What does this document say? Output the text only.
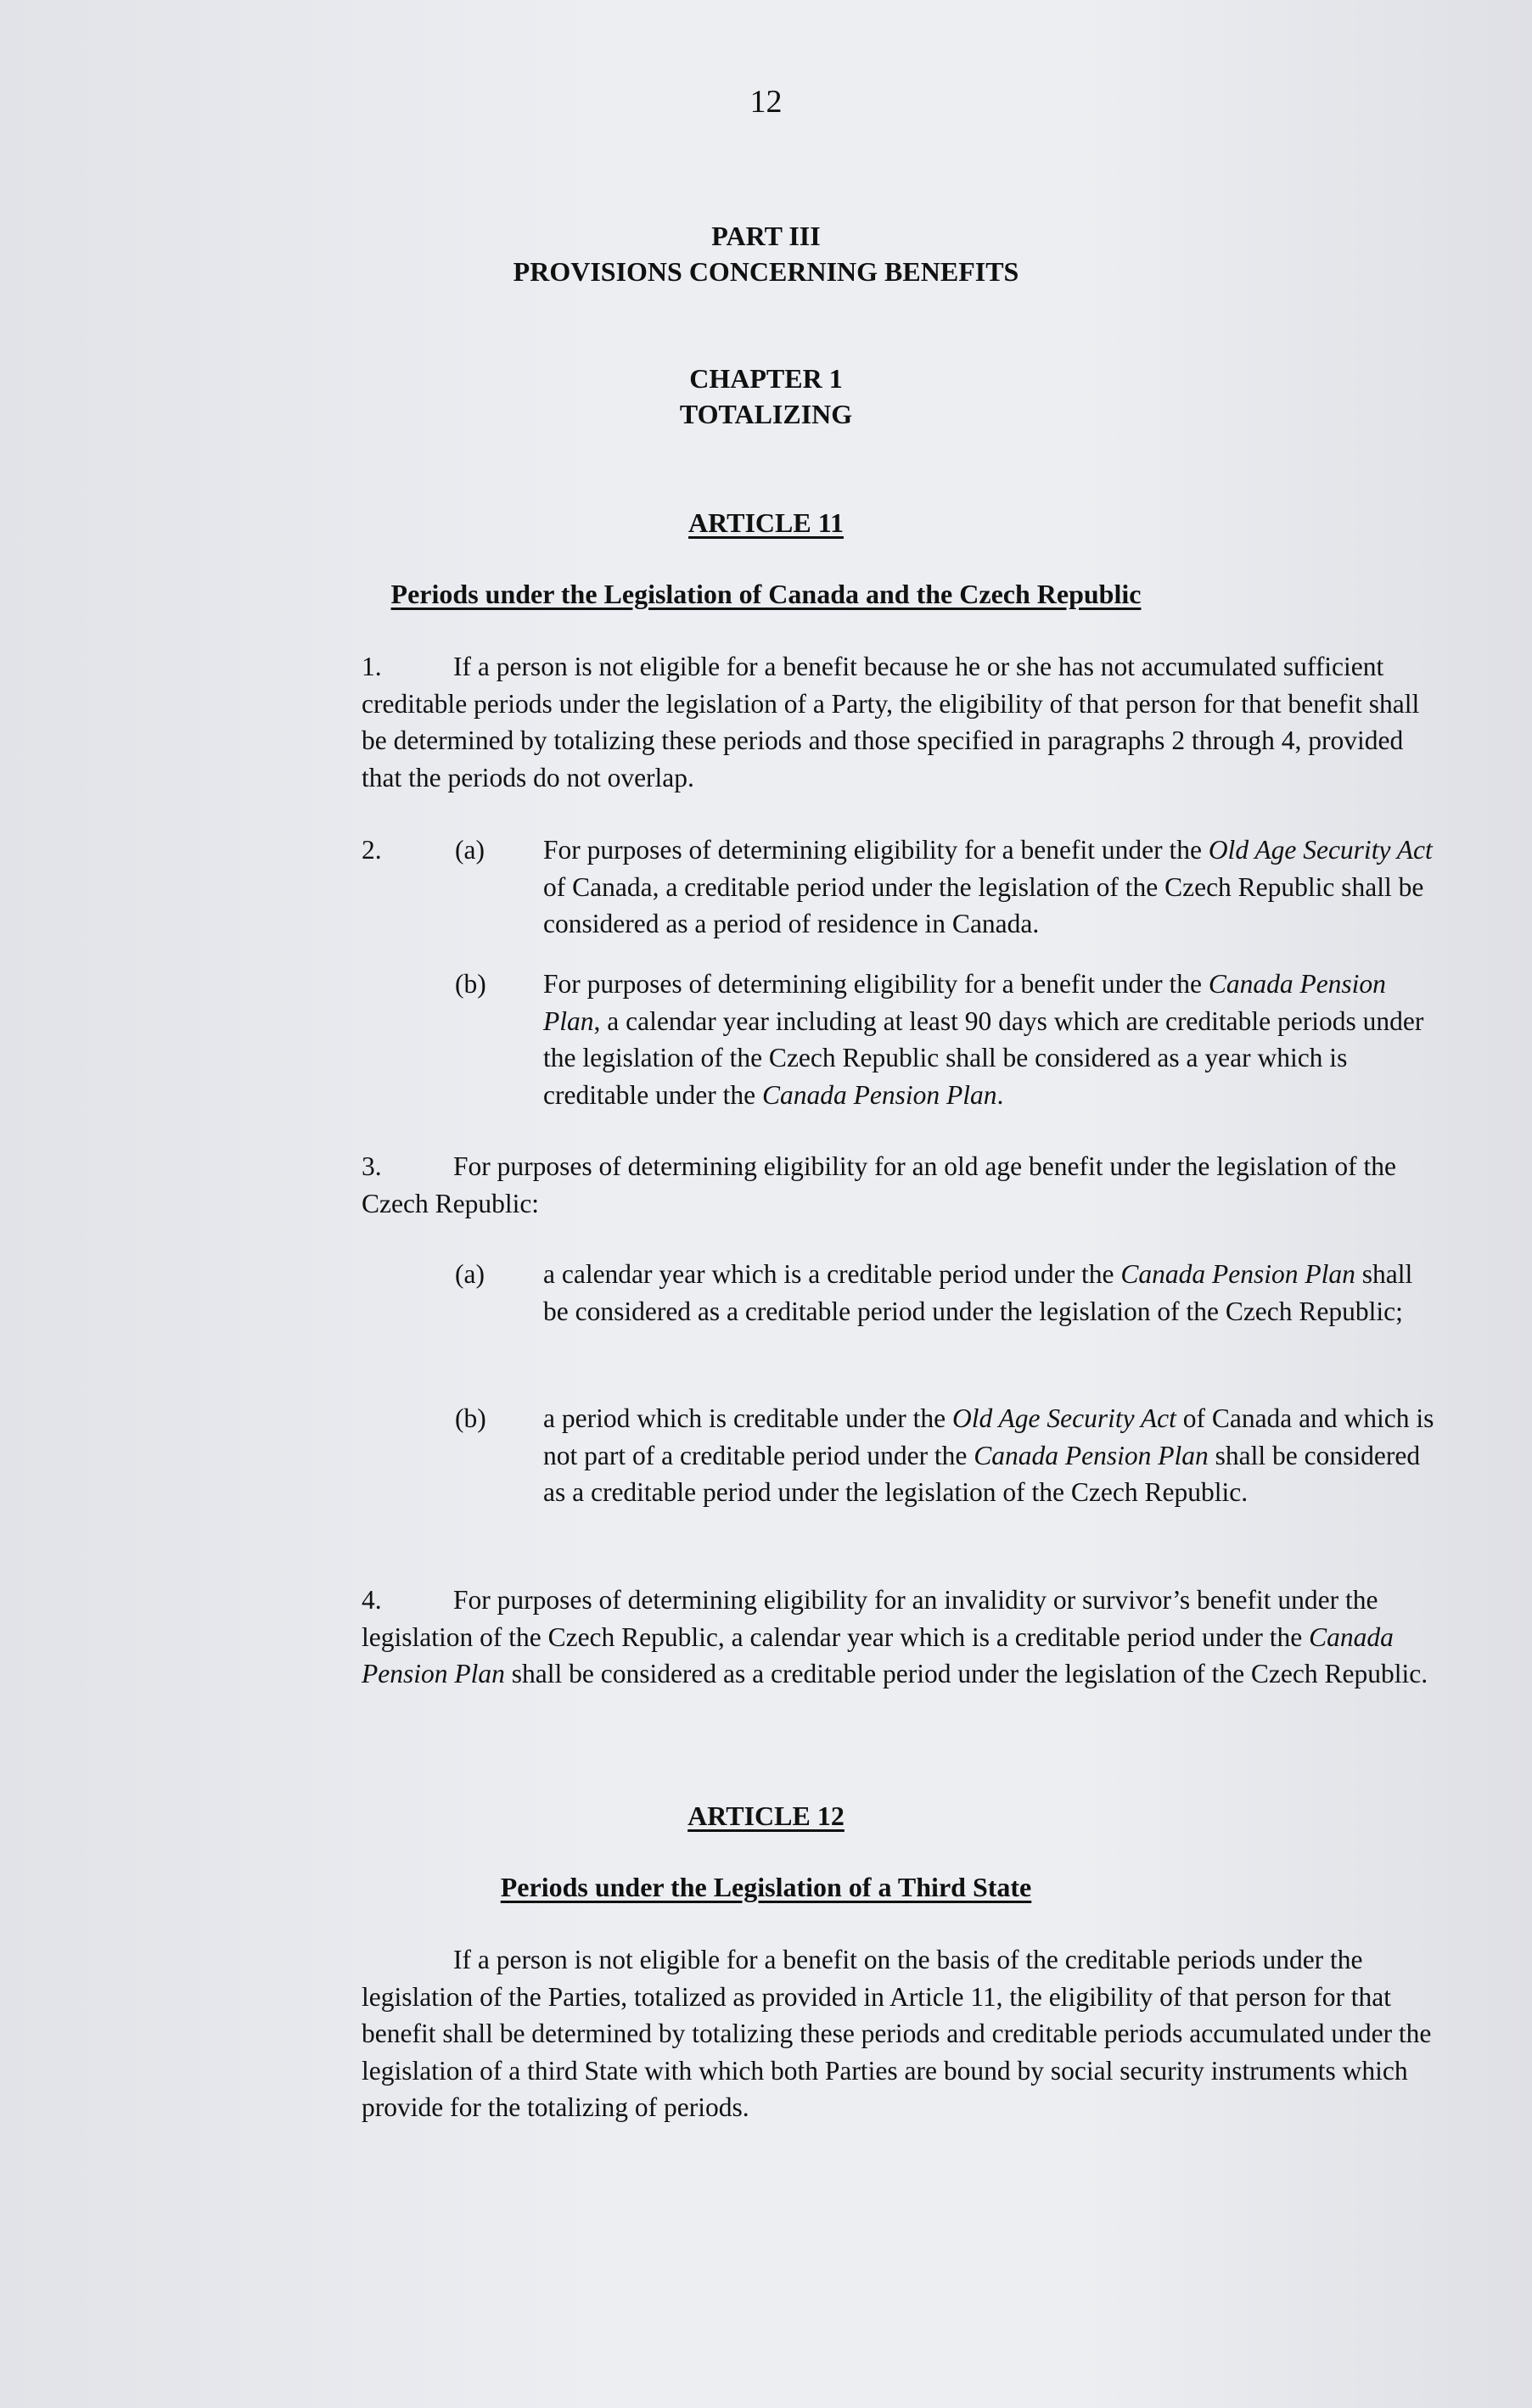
12
PART III
PROVISIONS CONCERNING BENEFITS
CHAPTER 1
TOTALIZING
ARTICLE 11
Periods under the Legislation of Canada and the Czech Republic
1.	If a person is not eligible for a benefit because he or she has not accumulated sufficient creditable periods under the legislation of a Party, the eligibility of that person for that benefit shall be determined by totalizing these periods and those specified in paragraphs 2 through 4, provided that the periods do not overlap.
2.	(a) For purposes of determining eligibility for a benefit under the Old Age Security Act of Canada, a creditable period under the legislation of the Czech Republic shall be considered as a period of residence in Canada.
(b) For purposes of determining eligibility for a benefit under the Canada Pension Plan, a calendar year including at least 90 days which are creditable periods under the legislation of the Czech Republic shall be considered as a year which is creditable under the Canada Pension Plan.
3.	For purposes of determining eligibility for an old age benefit under the legislation of the Czech Republic:
(a) a calendar year which is a creditable period under the Canada Pension Plan shall be considered as a creditable period under the legislation of the Czech Republic;
(b) a period which is creditable under the Old Age Security Act of Canada and which is not part of a creditable period under the Canada Pension Plan shall be considered as a creditable period under the legislation of the Czech Republic.
4.	For purposes of determining eligibility for an invalidity or survivor’s benefit under the legislation of the Czech Republic, a calendar year which is a creditable period under the Canada Pension Plan shall be considered as a creditable period under the legislation of the Czech Republic.
ARTICLE 12
Periods under the Legislation of a Third State
If a person is not eligible for a benefit on the basis of the creditable periods under the legislation of the Parties, totalized as provided in Article 11, the eligibility of that person for that benefit shall be determined by totalizing these periods and creditable periods accumulated under the legislation of a third State with which both Parties are bound by social security instruments which provide for the totalizing of periods.
